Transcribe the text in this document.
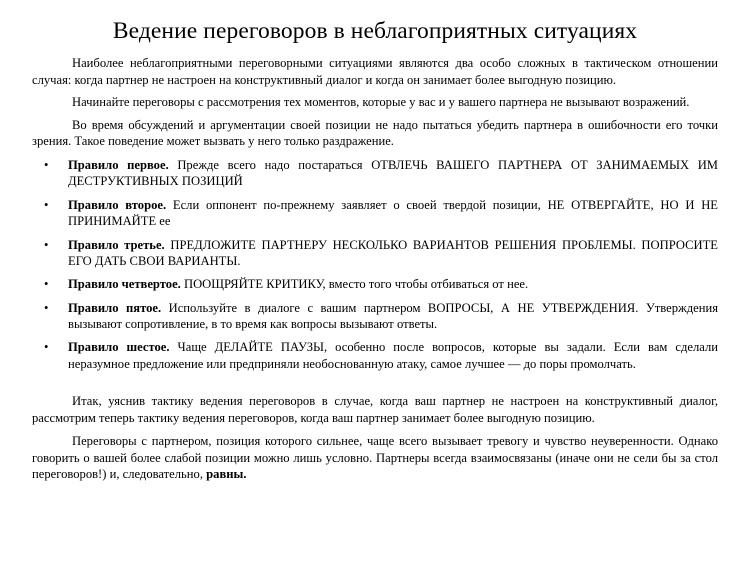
Ведение переговоров в неблагоприятных ситуациях

Наиболее неблагоприятными переговорными ситуациями являются два особо сложных в тактическом отношении случая: когда партнер не настроен на конструктивный диалог и когда он занимает более выгодную позицию.

Начинайте переговоры с рассмотрения тех моментов, которые у вас и у вашего партнера не вызывают возражений.

Во время обсуждений и аргументации своей позиции не надо пытаться убедить партнера в ошибочности его точки зрения. Такое поведение может вызвать у него только раздражение.

• Правило первое. Прежде всего надо постараться ОТВЛЕЧЬ ВАШЕГО ПАРТНЕРА ОТ ЗАНИМАЕМЫХ ИМ ДЕСТРУКТИВНЫХ ПОЗИЦИЙ
• Правило второе. Если оппонент по-прежнему заявляет о своей твердой позиции, НЕ ОТВЕРГАЙТЕ, НО И НЕ ПРИНИМАЙТЕ ее
• Правило третье. ПРЕДЛОЖИТЕ ПАРТНЕРУ НЕСКОЛЬКО ВАРИАНТОВ РЕШЕНИЯ ПРОБЛЕМЫ. ПОПРОСИТЕ ЕГО ДАТЬ СВОИ ВАРИАНТЫ.
• Правило четвертое. ПООЩРЯЙТЕ КРИТИКУ, вместо того чтобы отбиваться от нее.
• Правило пятое. Используйте в диалоге с вашим партнером ВОПРОСЫ, А НЕ УТВЕРЖДЕНИЯ. Утверждения вызывают сопротивление, в то время как вопросы вызывают ответы.
• Правило шестое. Чаще ДЕЛАЙТЕ ПАУЗЫ, особенно после вопросов, которые вы задали. Если вам сделали неразумное предложение или предприняли необоснованную атаку, самое лучшее — до поры промолчать.

Итак, уяснив тактику ведения переговоров в случае, когда ваш партнер не настроен на конструктивный диалог, рассмотрим теперь тактику ведения переговоров, когда ваш партнер занимает более выгодную позицию.

Переговоры с партнером, позиция которого сильнее, чаще всего вызывает тревогу и чувство неуверенности. Однако говорить о вашей более слабой позиции можно лишь условно. Партнеры всегда взаимосвязаны (иначе они не сели бы за стол переговоров!) и, следовательно, равны.
